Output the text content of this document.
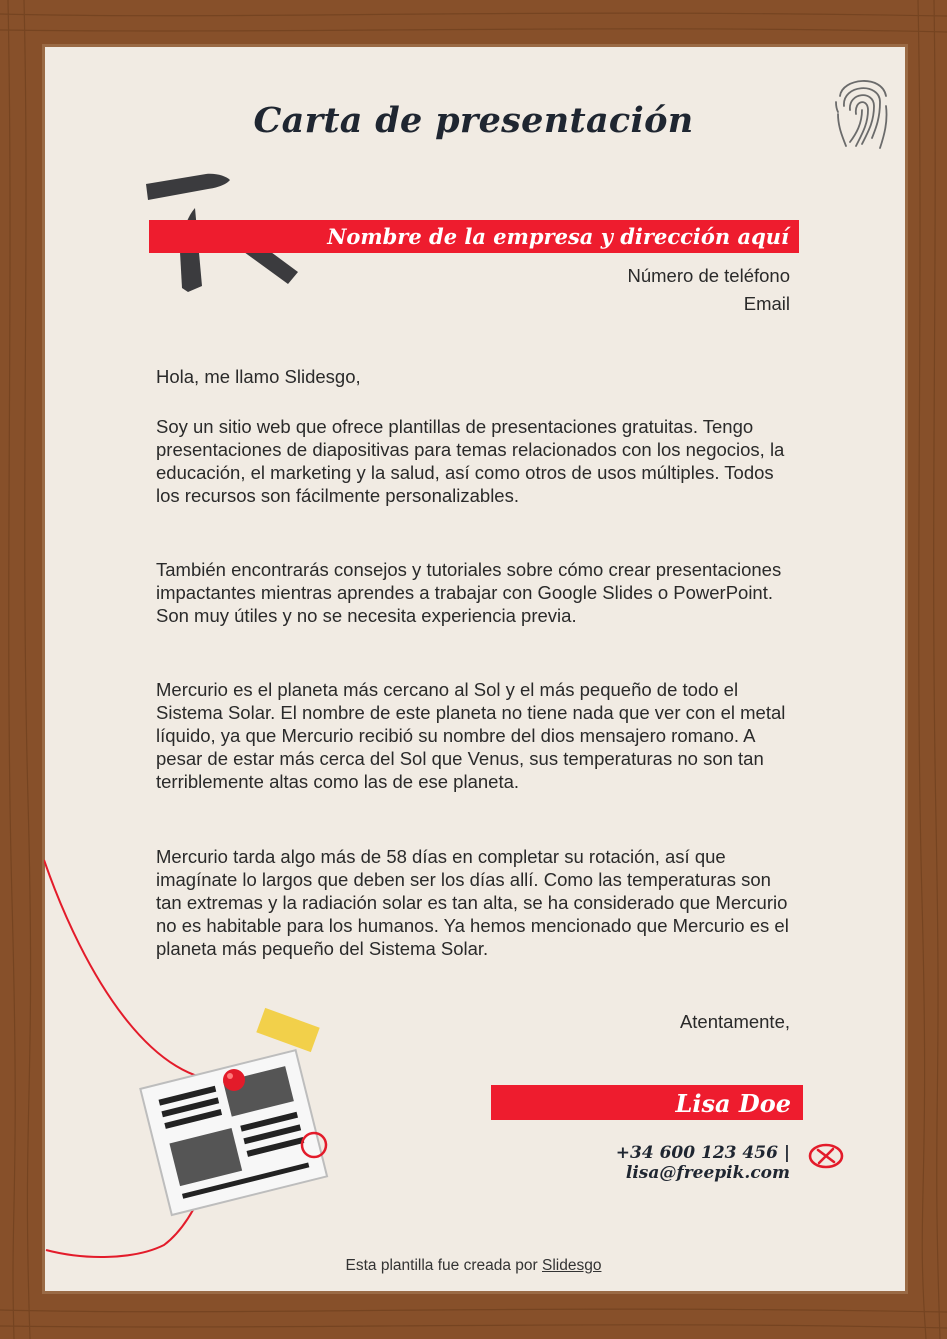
Carta de presentación
Nombre de la empresa y dirección aquí
Número de teléfono
Email

Hola, me llamo Slidesgo,

Soy un sitio web que ofrece plantillas de presentaciones gratuitas. Tengo presentaciones de diapositivas para temas relacionados con los negocios, la educación, el marketing y la salud, así como otros de usos múltiples. Todos los recursos son fácilmente personalizables.

También encontrarás consejos y tutoriales sobre cómo crear presentaciones impactantes mientras aprendes a trabajar con Google Slides o PowerPoint. Son muy útiles y no se necesita experiencia previa.

Mercurio es el planeta más cercano al Sol y el más pequeño de todo el Sistema Solar. El nombre de este planeta no tiene nada que ver con el metal líquido, ya que Mercurio recibió su nombre del dios mensajero romano. A pesar de estar más cerca del Sol que Venus, sus temperaturas no son tan terriblemente altas como las de ese planeta.

Mercurio tarda algo más de 58 días en completar su rotación, así que imagínate lo largos que deben ser los días allí. Como las temperaturas son tan extremas y la radiación solar es tan alta, se ha considerado que Mercurio no es habitable para los humanos. Ya hemos mencionado que Mercurio es el planeta más pequeño del Sistema Solar.

Atentamente,
Lisa Doe
+34 600 123 456 | lisa@freepik.com
Esta plantilla fue creada por Slidesgo
